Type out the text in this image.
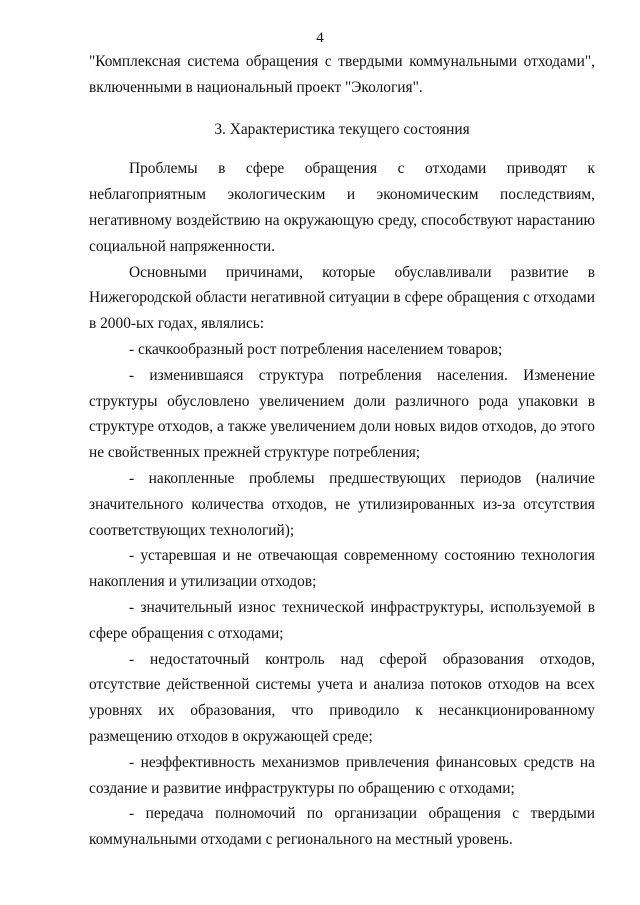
4

"Комплексная система обращения с твердыми коммунальными отходами", включенными в национальный проект "Экология".

3. Характеристика текущего состояния

Проблемы в сфере обращения с отходами приводят к неблагоприятным экологическим и экономическим последствиям, негативному воздействию на окружающую среду, способствуют нарастанию социальной напряженности.

Основными причинами, которые обуславливали развитие в Нижегородской области негативной ситуации в сфере обращения с отходами в 2000-ых годах, являлись:

- скачкообразный рост потребления населением товаров;

- изменившаяся структура потребления населения. Изменение структуры обусловлено увеличением доли различного рода упаковки в структуре отходов, а также увеличением доли новых видов отходов, до этого не свойственных прежней структуре потребления;

- накопленные проблемы предшествующих периодов (наличие значительного количества отходов, не утилизированных из-за отсутствия соответствующих технологий);

- устаревшая и не отвечающая современному состоянию технология накопления и утилизации отходов;

- значительный износ технической инфраструктуры, используемой в сфере обращения с отходами;

- недостаточный контроль над сферой образования отходов, отсутствие действенной системы учета и анализа потоков отходов на всех уровнях их образования, что приводило к несанкционированному размещению отходов в окружающей среде;

- неэффективность механизмов привлечения финансовых средств на создание и развитие инфраструктуры по обращению с отходами;

- передача полномочий по организации обращения с твердыми коммунальными отходами с регионального на местный уровень.
